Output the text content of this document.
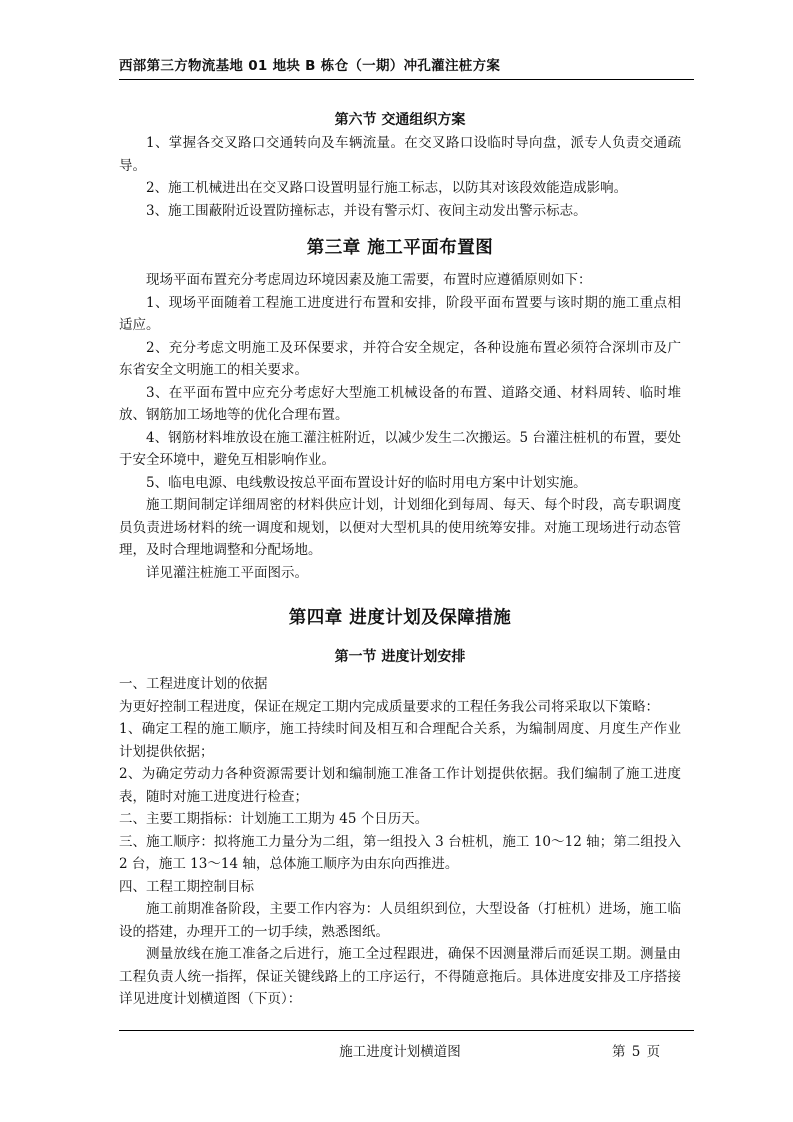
西部第三方物流基地 01 地块 B 栋仓（一期）冲孔灌注桩方案
第六节 交通组织方案

1、掌握各交叉路口交通转向及车辆流量。在交叉路口设临时导向盘，派专人负责交通疏导。

2、施工机械进出在交叉路口设置明显行施工标志，以防其对该段效能造成影响。

3、施工围蔽附近设置防撞标志，并设有警示灯、夜间主动发出警示标志。

第三章 施工平面布置图

现场平面布置充分考虑周边环境因素及施工需要，布置时应遵循原则如下：

1、现场平面随着工程施工进度进行布置和安排，阶段平面布置要与该时期的施工重点相适应。

2、充分考虑文明施工及环保要求，并符合安全规定，各种设施布置必须符合深圳市及广东省安全文明施工的相关要求。

3、在平面布置中应充分考虑好大型施工机械设备的布置、道路交通、材料周转、临时堆放、钢筋加工场地等的优化合理布置。

4、钢筋材料堆放设在施工灌注桩附近，以减少发生二次搬运。5 台灌注桩机的布置，要处于安全环境中，避免互相影响作业。

5、临电电源、电线敷设按总平面布置设计好的临时用电方案中计划实施。

施工期间制定详细周密的材料供应计划，计划细化到每周、每天、每个时段，高专职调度员负责进场材料的统一调度和规划，以便对大型机具的使用统筹安排。对施工现场进行动态管理，及时合理地调整和分配场地。

详见灌注桩施工平面图示。

第四章 进度计划及保障措施
第一节 进度计划安排

一、工程进度计划的依据

为更好控制工程进度，保证在规定工期内完成质量要求的工程任务我公司将采取以下策略：

1、确定工程的施工顺序，施工持续时间及相互和合理配合关系，为编制周度、月度生产作业计划提供依据；

2、为确定劳动力各种资源需要计划和编制施工准备工作计划提供依据。我们编制了施工进度表，随时对施工进度进行检查；

二、主要工期指标：计划施工工期为 45 个日历天。

三、施工顺序：拟将施工力量分为二组，第一组投入 3 台桩机，施工 10～12 轴；第二组投入 2 台，施工 13～14 轴，总体施工顺序为由东向西推进。

四、工程工期控制目标

施工前期准备阶段，主要工作内容为：人员组织到位，大型设备（打桩机）进场，施工临设的搭建，办理开工的一切手续，熟悉图纸。

测量放线在施工准备之后进行，施工全过程跟进，确保不因测量滞后而延误工期。测量由工程负责人统一指挥，保证关键线路上的工序运行，不得随意拖后。具体进度安排及工序搭接详见进度计划横道图（下页）：

施工进度计划横道图	第 5 页
